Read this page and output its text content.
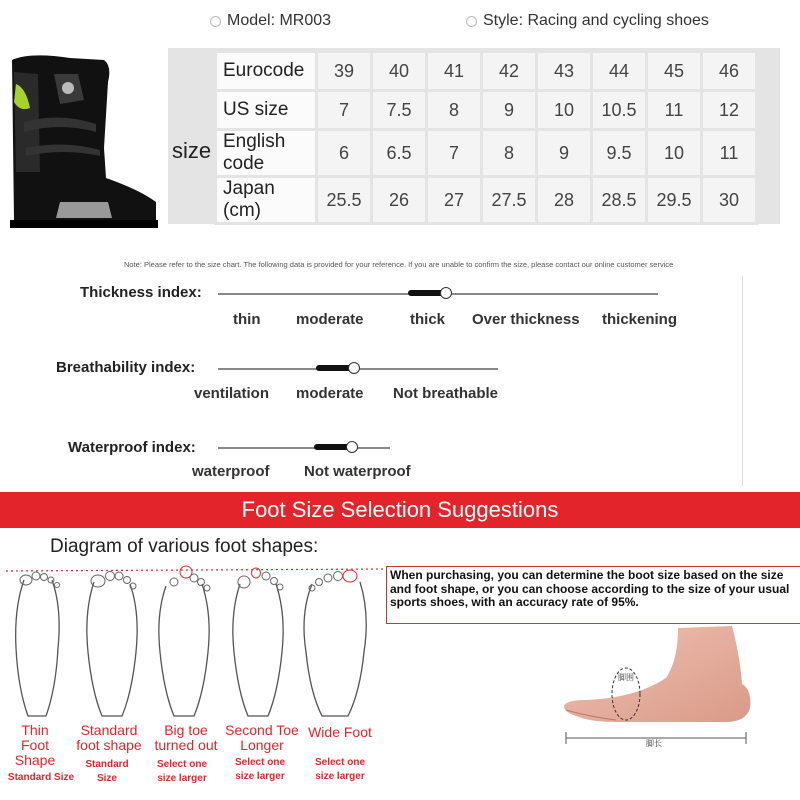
Model: MR003	Style: Racing and cycling shoes
size
Eurocode	39	40	41	42	43	44	45	46
US size	7	7.5	8	9	10	10.5	11	12
English code	6	6.5	7	8	9	9.5	10	11
Japan (cm)	25.5	26	27	27.5	28	28.5	29.5	30
Note: Please refer to the size chart. The following data is provided for your reference. If you are unable to confirm the size, please contact our online customer service
Thickness index:
thin moderate	thick Over thickness thickening
Breathability index:
ventilation moderate Not breathable
Waterproof index:
waterproof Not waterproof
Foot Size Selection Suggestions
Diagram of various foot shapes:
Thin Foot Shape
Standard foot shape
Big toe turned out
Second Toe Longer
Wide Foot
Standard Size
Standard Size
Select one size larger
Select one size larger
Select one size larger
When purchasing, you can determine the boot size based on the size and foot shape, or you can choose according to the size of your usual sports shoes, with an accuracy rate of 95%.
脚围
脚长
